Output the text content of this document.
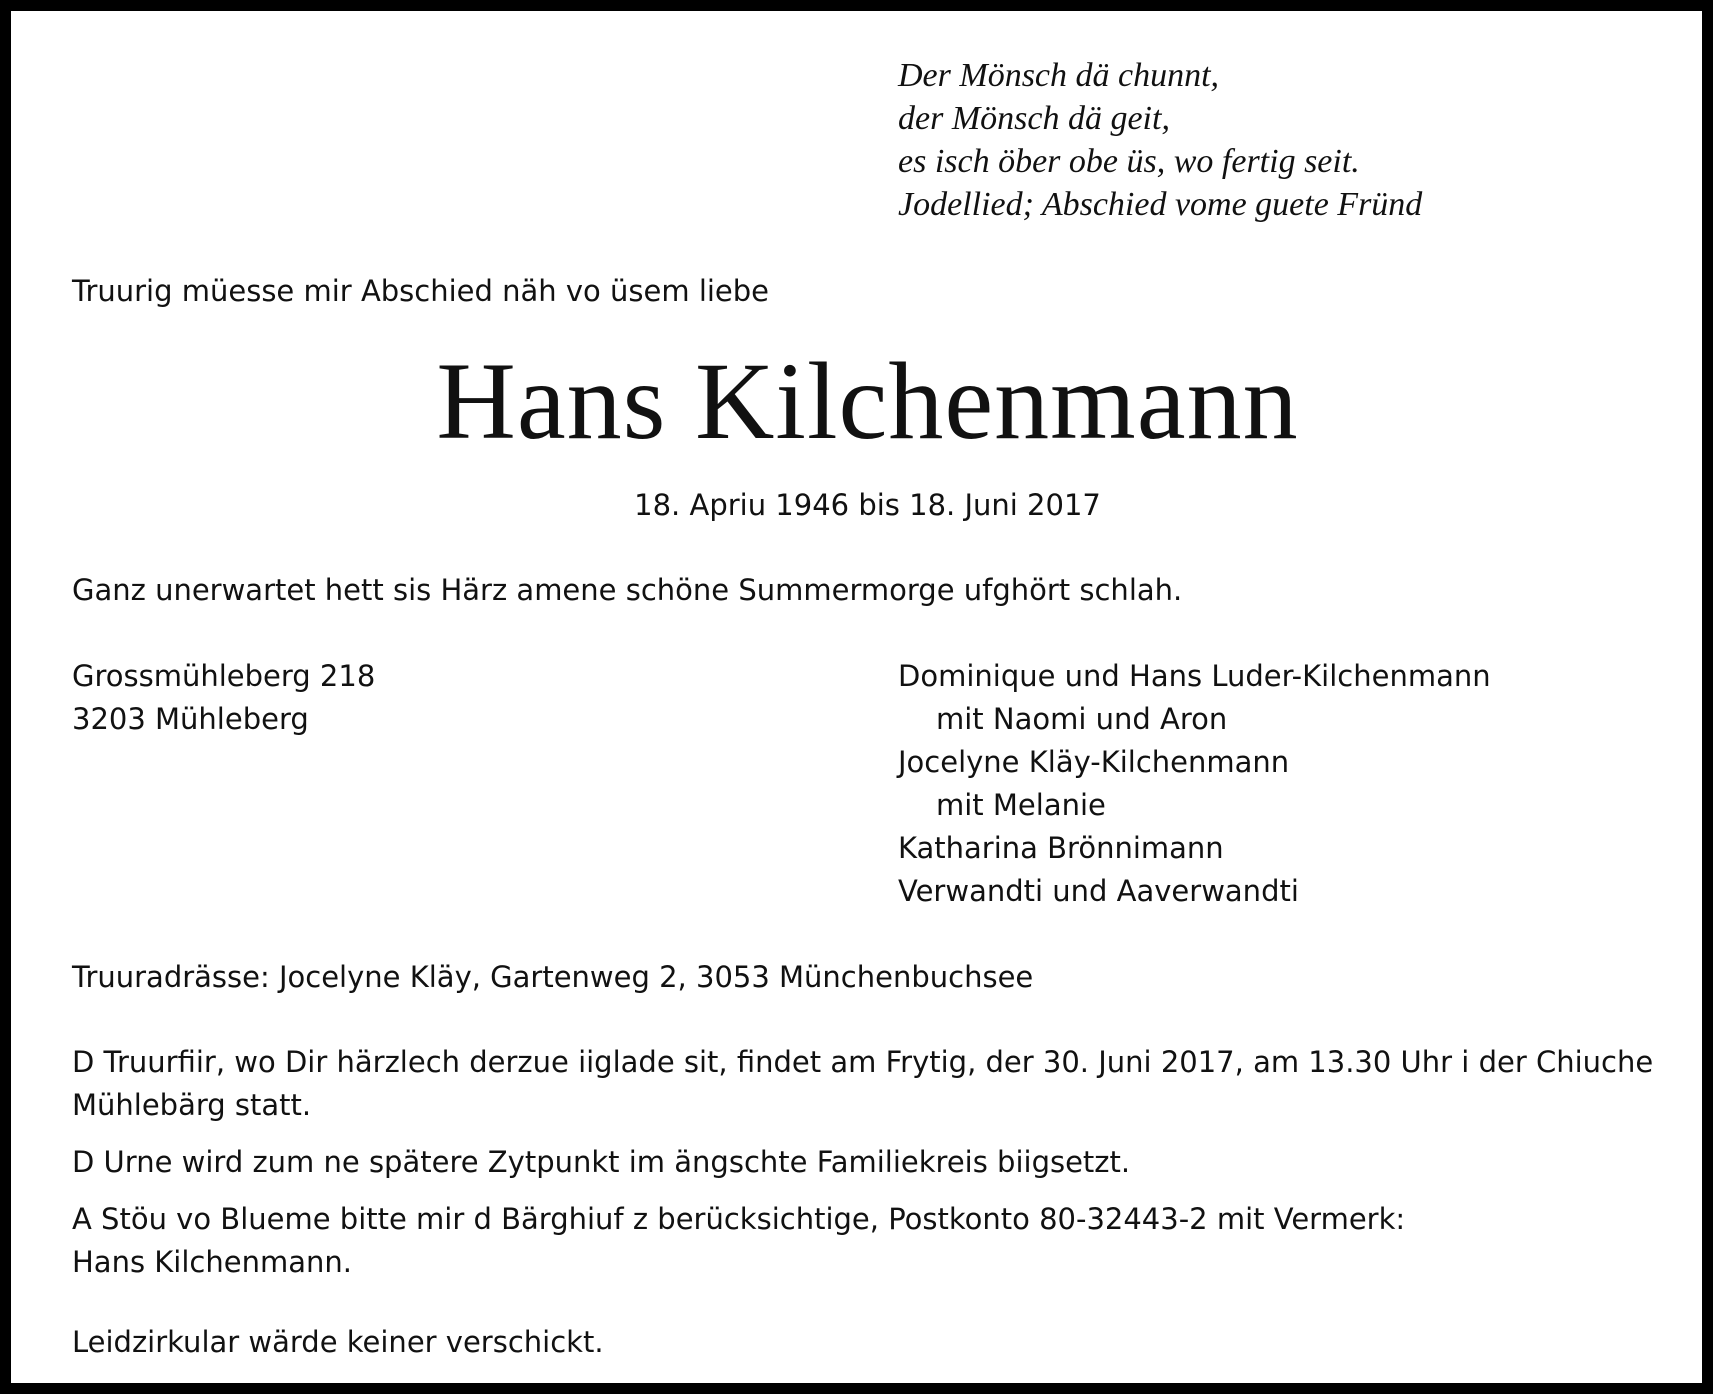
Der Mönsch dä chunnt,
der Mönsch dä geit,
es isch öber obe üs, wo fertig seit.
Jodellied; Abschied vome guete Fründ

Truurig müesse mir Abschied näh vo üsem liebe

Hans Kilchenmann

18. Apriu 1946 bis 18. Juni 2017

Ganz unerwartet hett sis Härz amene schöne Summermorge ufghört schlah.

Grossmühleberg 218
3203 Mühleberg
Dominique und Hans Luder-Kilchenmann
mit Naomi und Aron
Jocelyne Kläy-Kilchenmann
mit Melanie
Katharina Brönnimann
Verwandti und Aaverwandti

Truuradrässe: Jocelyne Kläy, Gartenweg 2, 3053 Münchenbuchsee

D Truurfiir, wo Dir härzlech derzue iiglade sit, findet am Frytig, der 30. Juni 2017, am 13.30 Uhr i der Chiuche Mühlebärg statt.

D Urne wird zum ne spätere Zytpunkt im ängschte Familiekreis biigsetzt.

A Stöu vo Blueme bitte mir d Bärghiuf z berücksichtige, Postkonto 80-32443-2 mit Vermerk:
Hans Kilchenmann.

Leidzirkular wärde keiner verschickt.
